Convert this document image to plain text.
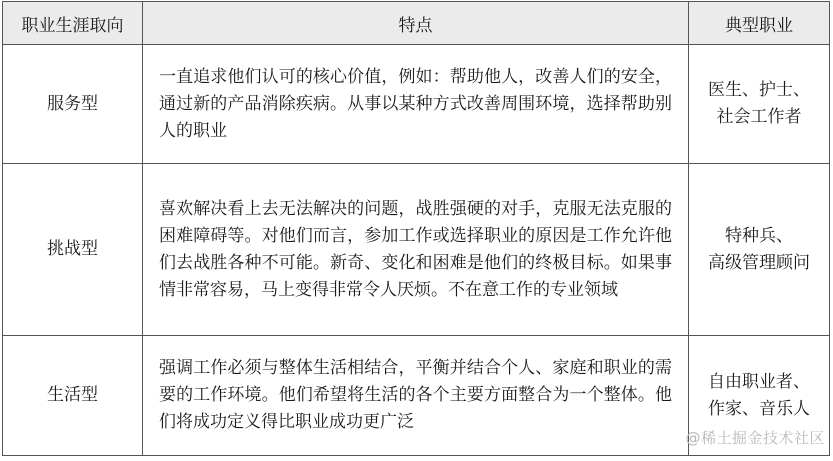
职业生涯取向	特点	典型职业
服务型	一直追求他们认可的核心价值，例如：帮助他人，改善人们的安全，通过新的产品消除疾病。从事以某种方式改善周围环境，选择帮助别人的职业	医生、护士、
社会工作者

挑战型	喜欢解决看上去无法解决的问题，战胜强硬的对手，克服无法克服的困难障碍等。对他们而言，参加工作或选择职业的原因是工作允许他们去战胜各种不可能。新奇、变化和困难是他们的终极目标。如果事情非常容易，马上变得非常令人厌烦。不在意工作的专业领域	特种兵、
高级管理顾问

生活型	强调工作必须与整体生活相结合，平衡并结合个人、家庭和职业的需要的工作环境。他们希望将生活的各个主要方面整合为一个整体。他们将成功定义得比职业成功更广泛	自由职业者、
作家、音乐人
@稀土掘金技术社区
